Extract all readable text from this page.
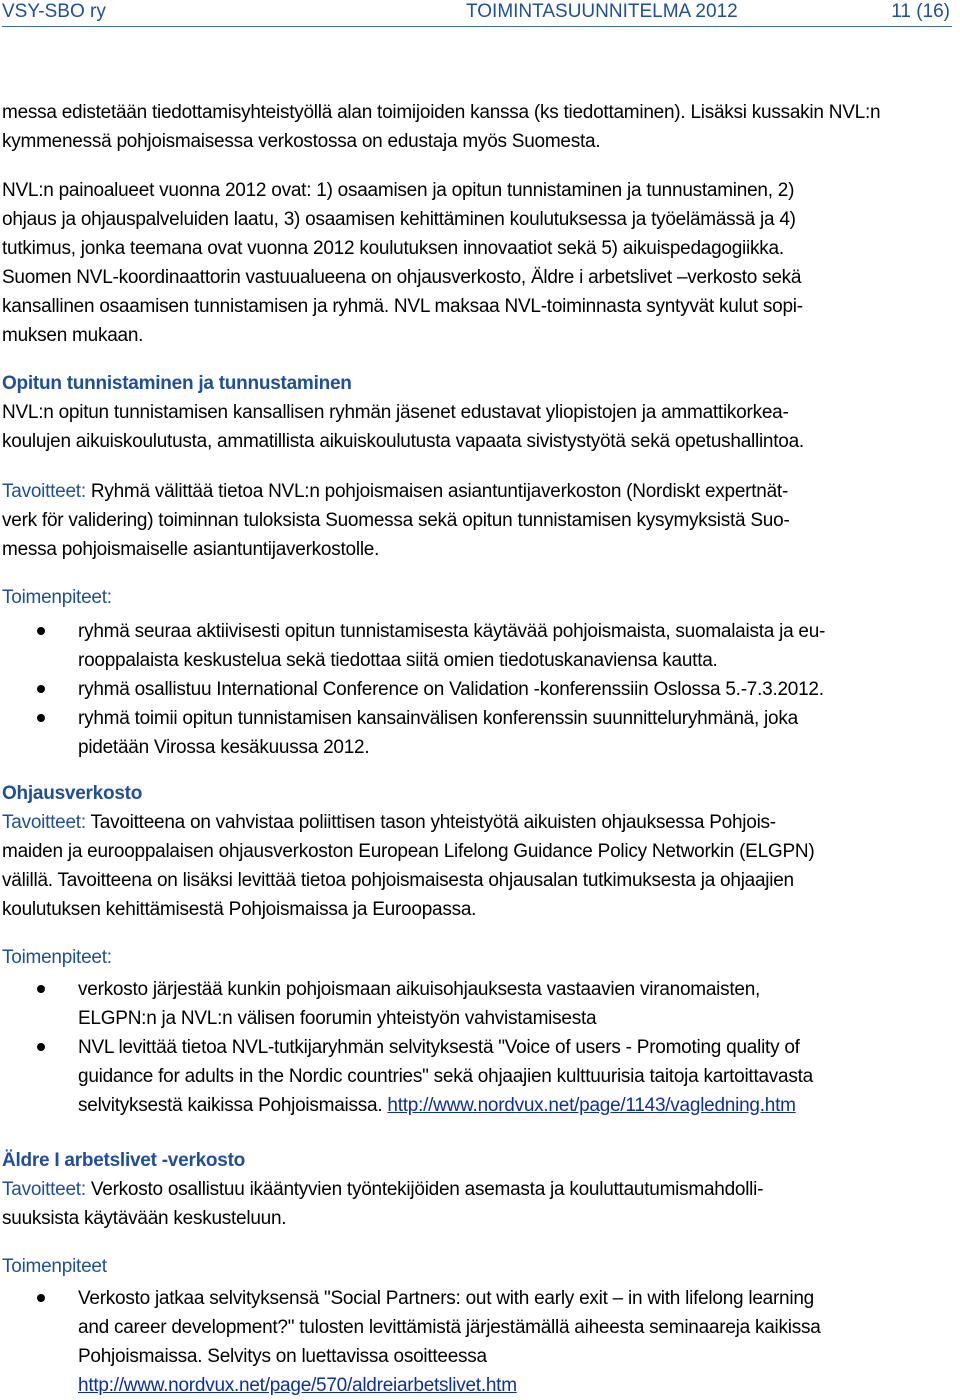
VSY-SBO ry	TOIMINTASUUNNITELMA 2012	11 (16)

messa edistetään tiedottamisyhteistyöllä alan toimijoiden kanssa (ks tiedottaminen). Lisäksi kussakin NVL:n kymmenessä pohjoismaisessa verkostossa on edustaja myös Suomesta.

NVL:n painoalueet vuonna 2012 ovat: 1) osaamisen ja opitun tunnistaminen ja tunnustaminen, 2)

ohjaus ja ohjauspalveluiden laatu, 3) osaamisen kehittäminen koulutuksessa ja työelämässä ja 4)

tutkimus, jonka teemana ovat vuonna 2012 koulutuksen innovaatiot sekä 5) aikuispedagogiikka.

Suomen NVL-koordinaattorin vastuualueena on ohjausverkosto, Äldre i arbetslivet –verkosto sekä

kansallinen osaamisen tunnistamisen ja ryhmä. NVL maksaa NVL-toiminnasta syntyvät kulut sopi-

muksen mukaan.

Opitun tunnistaminen ja tunnustaminen

NVL:n opitun tunnistamisen kansallisen ryhmän jäsenet edustavat yliopistojen ja ammattikorkea-

koulujen aikuiskoulutusta, ammatillista aikuiskoulutusta vapaata sivistystyötä sekä opetushallintoa.

Tavoitteet: Ryhmä välittää tietoa NVL:n pohjoismaisen asiantuntijaverkoston (Nordiskt expertnät-

verk för validering) toiminnan tuloksista Suomessa sekä opitun tunnistamisen kysymyksistä Suo-

messa pohjoismaiselle asiantuntijaverkostolle.

Toimenpiteet:

ryhmä seuraa aktiivisesti opitun tunnistamisesta käytävää pohjoismaista, suomalaista ja eu-
rooppalaista keskustelua sekä tiedottaa siitä omien tiedotuskanaviensa kautta.
ryhmä osallistuu International Conference on Validation -konferenssiin Oslossa 5.-7.3.2012.
ryhmä toimii opitun tunnistamisen kansainvälisen konferenssin suunnitteluryhmänä, joka
pidetään Virossa kesäkuussa 2012.

Ohjausverkosto

Tavoitteet: Tavoitteena on vahvistaa poliittisen tason yhteistyötä aikuisten ohjauksessa Pohjois-

maiden ja eurooppalaisen ohjausverkoston European Lifelong Guidance Policy Networkin (ELGPN)

välillä. Tavoitteena on lisäksi levittää tietoa pohjoismaisesta ohjausalan tutkimuksesta ja ohjaajien

koulutuksen kehittämisestä Pohjoismaissa ja Euroopassa.

Toimenpiteet:

verkosto järjestää kunkin pohjoismaan aikuisohjauksesta vastaavien viranomaisten,
ELGPN:n ja NVL:n välisen foorumin yhteistyön vahvistamisesta
NVL levittää tietoa NVL-tutkijaryhmän selvityksestä "Voice of users - Promoting quality of
guidance for adults in the Nordic countries" sekä ohjaajien kulttuurisia taitoja kartoittavasta
selvityksestä kaikissa Pohjoismaissa. http://www.nordvux.net/page/1143/vagledning.htm

Äldre I arbetslivet -verkosto

Tavoitteet: Verkosto osallistuu ikääntyvien työntekijöiden asemasta ja kouluttautumismahdolli-

suuksista käytävään keskusteluun.

Toimenpiteet

Verkosto jatkaa selvityksensä "Social Partners: out with early exit – in with lifelong learning
and career development?" tulosten levittämistä järjestämällä aiheesta seminaareja kaikissa
Pohjoismaissa. Selvitys on luettavissa osoitteessa
http://www.nordvux.net/page/570/aldreiarbetslivet.htm
